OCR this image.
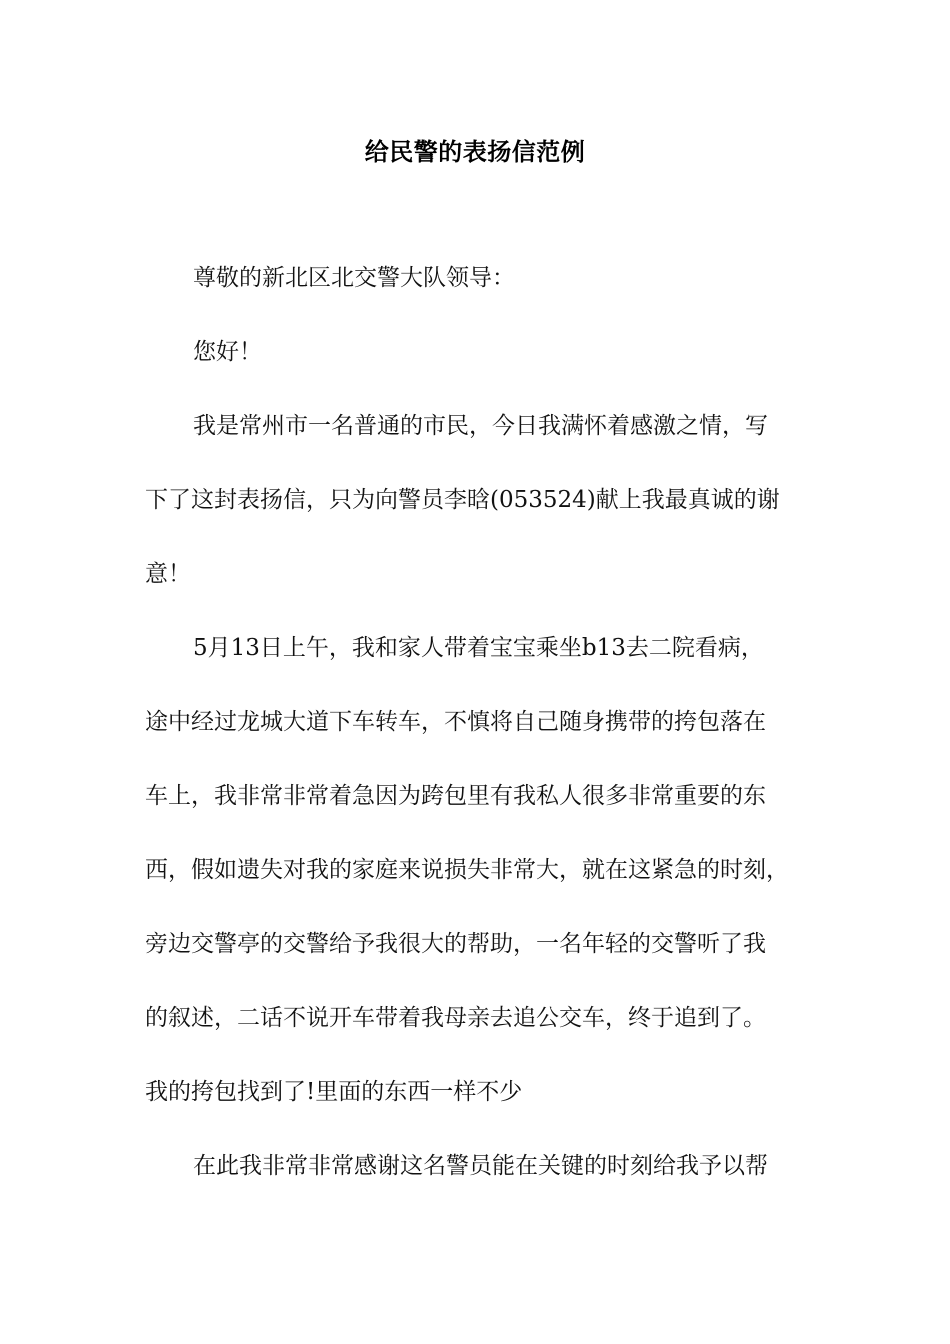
给民警的表扬信范例
尊敬的新北区北交警大队领导：
您好！
我是常州市一名普通的市民，今日我满怀着感激之情，写
下了这封表扬信，只为向警员李晗(053524)献上我最真诚的谢
意！
5月13日上午，我和家人带着宝宝乘坐b13去二院看病，
途中经过龙城大道下车转车，不慎将自己随身携带的挎包落在
车上，我非常非常着急因为跨包里有我私人很多非常重要的东
西，假如遗失对我的家庭来说损失非常大，就在这紧急的时刻，
旁边交警亭的交警给予我很大的帮助，一名年轻的交警听了我
的叙述，二话不说开车带着我母亲去追公交车，终于追到了。
我的挎包找到了!里面的东西一样不少
在此我非常非常感谢这名警员能在关键的时刻给我予以帮
